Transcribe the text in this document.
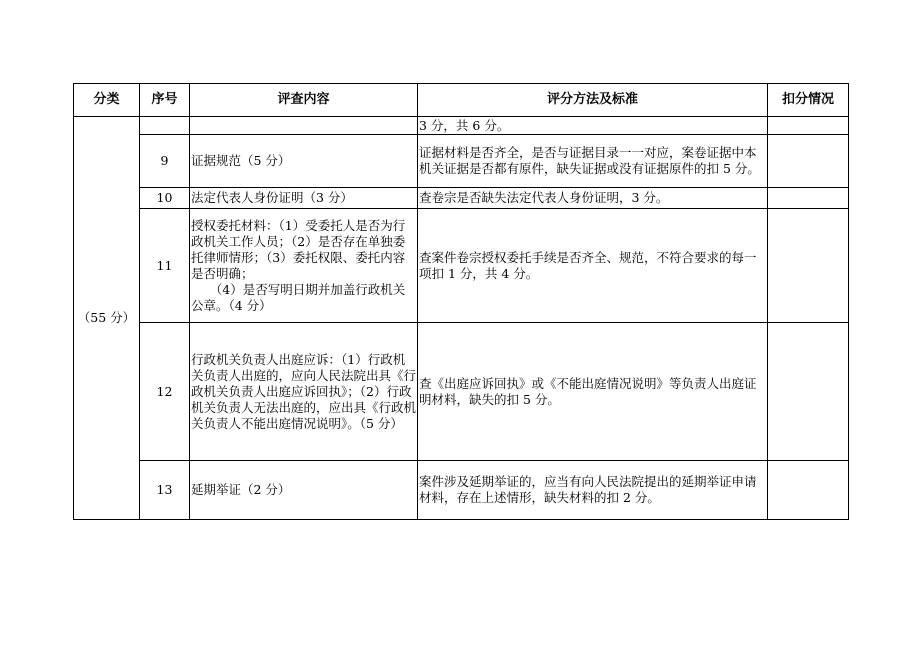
分类	序号	评查内容	评分方法及标准	扣分情况
（55 分）			3 分，共 6 分。	
	9	证据规范（5 分）	证据材料是否齐全，是否与证据目录一一对应，案卷证据中本机关证据是否都有原件，缺失证据或没有证据原件的扣 5 分。	
	10	法定代表人身份证明（3 分）	查卷宗是否缺失法定代表人身份证明，3 分。	
	11	授权委托材料：（1）受委托人是否为行政机关工作人员；（2）是否存在单独委托律师情形；（3）委托权限、委托内容是否明确；
（4）是否写明日期并加盖行政机关公章。（4 分）	查案件卷宗授权委托手续是否齐全、规范，不符合要求的每一项扣 1 分，共 4 分。	
	12	行政机关负责人出庭应诉：（1）行政机关负责人出庭的，应向人民法院出具《行政机关负责人出庭应诉回执》；（2）行政机关负责人无法出庭的，应出具《行政机关负责人不能出庭情况说明》。（5 分）	查《出庭应诉回执》或《不能出庭情况说明》等负责人出庭证明材料，缺失的扣 5 分。	
	13	延期举证（2 分）	案件涉及延期举证的，应当有向人民法院提出的延期举证申请材料，存在上述情形，缺失材料的扣 2 分。	
